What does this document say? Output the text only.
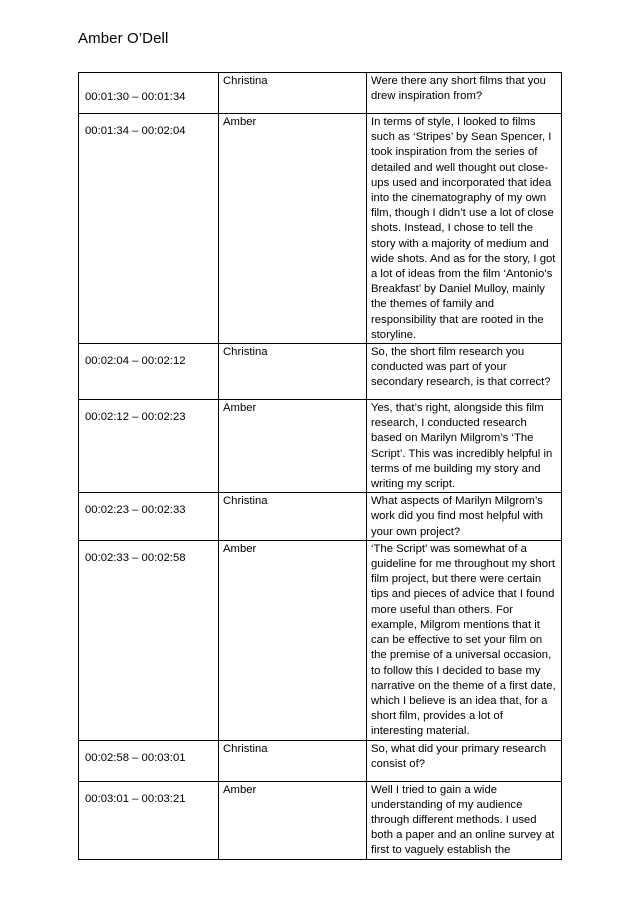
Amber O’Dell
00:01:30 – 00:01:34	Christina	Were there any short films that you drew inspiration from?

00:01:34 – 00:02:04	Amber	In terms of style, I looked to films such as ‘Stripes’ by Sean Spencer, I took inspiration from the series of detailed and well thought out close-ups used and incorporated that idea into the cinematography of my own film, though I didn’t use a lot of close shots. Instead, I chose to tell the story with a majority of medium and wide shots. And as for the story, I got a lot of ideas from the film ‘Antonio’s Breakfast’ by Daniel Mulloy, mainly the themes of family and responsibility that are rooted in the storyline.

00:02:04 – 00:02:12	Christina	So, the short film research you conducted was part of your secondary research, is that correct?

00:02:12 – 00:02:23	Amber	Yes, that’s right, alongside this film research, I conducted research based on Marilyn Milgrom’s ‘The Script’. This was incredibly helpful in terms of me building my story and writing my script.

00:02:23 – 00:02:33	Christina	What aspects of Marilyn Milgrom’s work did you find most helpful with your own project?

00:02:33 – 00:02:58	Amber	‘The Script’ was somewhat of a guideline for me throughout my short film project, but there were certain tips and pieces of advice that I found more useful than others. For example, Milgrom mentions that it can be effective to set your film on the premise of a universal occasion, to follow this I decided to base my narrative on the theme of a first date, which I believe is an idea that, for a short film, provides a lot of interesting material.

00:02:58 – 00:03:01	Christina	So, what did your primary research consist of?

00:03:01 – 00:03:21	Amber	Well I tried to gain a wide understanding of my audience through different methods. I used both a paper and an online survey at first to vaguely establish the
